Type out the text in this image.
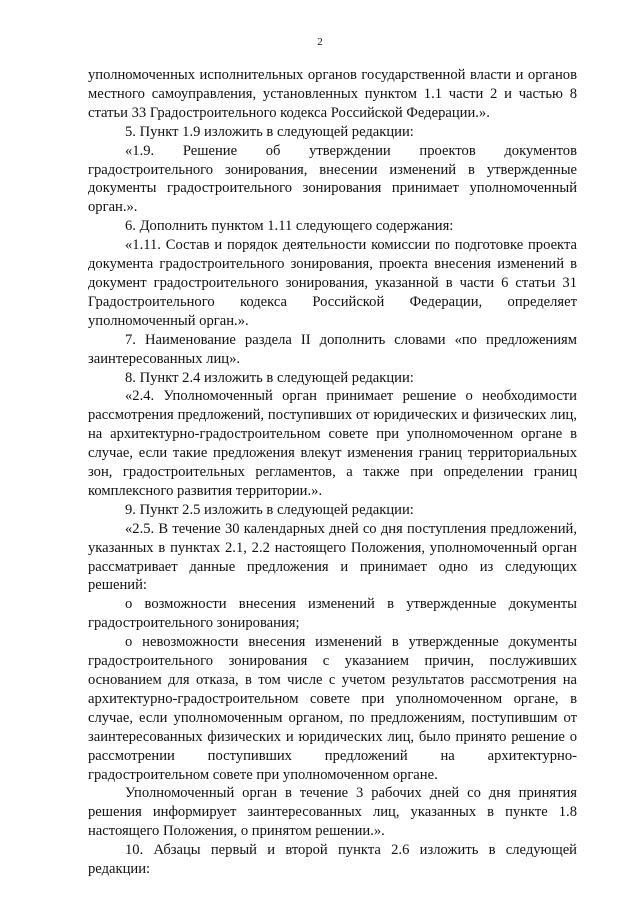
2

уполномоченных исполнительных органов государственной власти и органов местного самоуправления, установленных пунктом 1.1 части 2 и частью 8 статьи 33 Градостроительного кодекса Российской Федерации.».

5. Пункт 1.9 изложить в следующей редакции:

«1.9. Решение об утверждении проектов документов градостроительного зонирования, внесении изменений в утвержденные документы градостроительного зонирования принимает уполномоченный орган.».

6. Дополнить пунктом 1.11 следующего содержания:

«1.11. Состав и порядок деятельности комиссии по подготовке проекта документа градостроительного зонирования, проекта внесения изменений в документ градостроительного зонирования, указанной в части 6 статьи 31 Градостроительного кодекса Российской Федерации, определяет уполномоченный орган.».

7. Наименование раздела II дополнить словами «по предложениям заинтересованных лиц».

8. Пункт 2.4 изложить в следующей редакции:

«2.4. Уполномоченный орган принимает решение о необходимости рассмотрения предложений, поступивших от юридических и физических лиц, на архитектурно-градостроительном совете при уполномоченном органе в случае, если такие предложения влекут изменения границ территориальных зон, градостроительных регламентов, а также при определении границ комплексного развития территории.».

9. Пункт 2.5 изложить в следующей редакции:

«2.5. В течение 30 календарных дней со дня поступления предложений, указанных в пунктах 2.1, 2.2 настоящего Положения, уполномоченный орган рассматривает данные предложения и принимает одно из следующих решений:

о возможности внесения изменений в утвержденные документы градостроительного зонирования;

о невозможности внесения изменений в утвержденные документы градостроительного зонирования с указанием причин, послуживших основанием для отказа, в том числе с учетом результатов рассмотрения на архитектурно-градостроительном совете при уполномоченном органе, в случае, если уполномоченным органом, по предложениям, поступившим от заинтересованных физических и юридических лиц, было принято решение о рассмотрении поступивших предложений на архитектурно-градостроительном совете при уполномоченном органе.

Уполномоченный орган в течение 3 рабочих дней со дня принятия решения информирует заинтересованных лиц, указанных в пункте 1.8 настоящего Положения, о принятом решении.».

10. Абзацы первый и второй пункта 2.6 изложить в следующей редакции:
